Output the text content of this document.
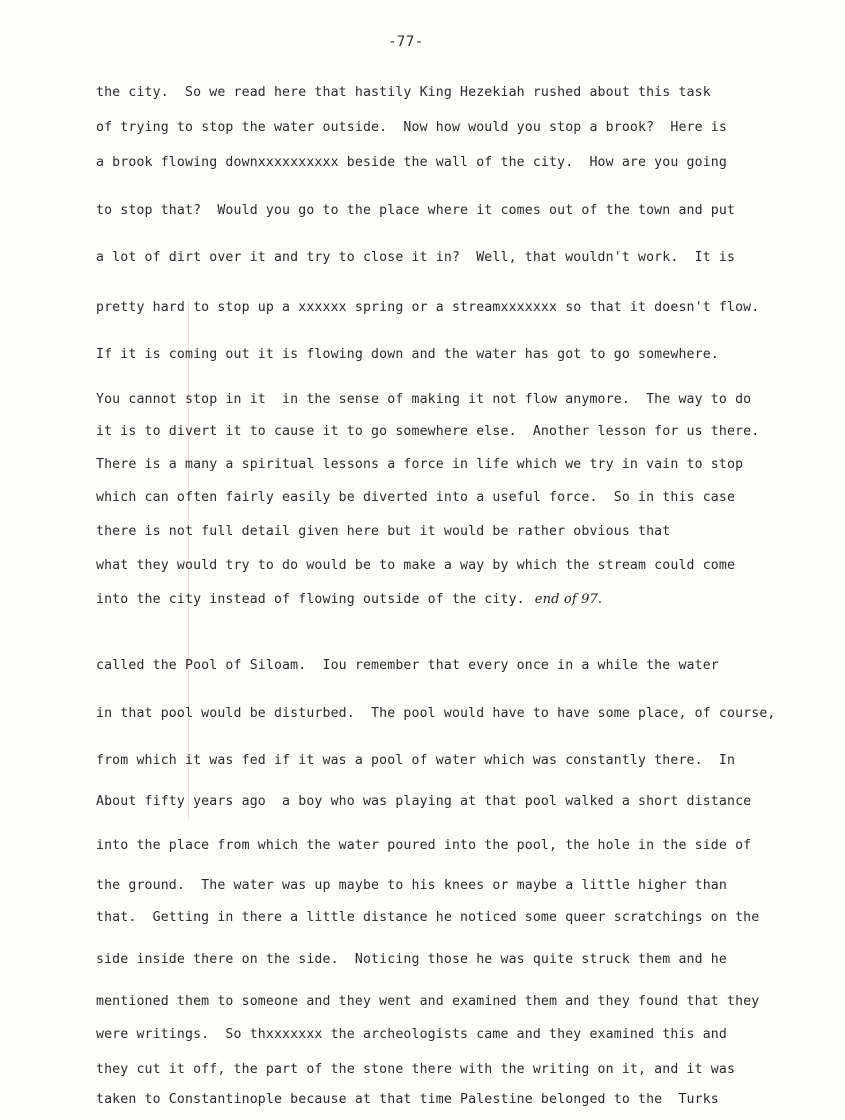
-77-
the city.  So we read here that hastily King Hezekiah rushed about this task
of trying to stop the water outside.  Now how would you stop a brook?  Here is
a brook flowing downxxxxxxxxxx beside the wall of the city.  How are you going
to stop that?  Would you go to the place where it comes out of the town and put
a lot of dirt over it and try to close it in?  Well, that wouldn't work.  It is
pretty hard to stop up a xxxxxx spring or a streamxxxxxxx so that it doesn't flow.
If it is coming out it is flowing down and the water has got to go somewhere.
You cannot stop in it  in the sense of making it not flow anymore.  The way to do
it is to divert it to cause it to go somewhere else.  Another lesson for us there.
There is a many a spiritual lessons a force in life which we try in vain to stop
which can often fairly easily be diverted into a useful force.  So in this case
there is not full detail given here but it would be rather obvious that
what they would try to do would be to make a way by which the stream could come
into the city instead of flowing outside of the city. end of 97.
called the Pool of Siloam.  Iou remember that every once in a while the water
in that pool would be disturbed.  The pool would have to have some place, of course,
from which it was fed if it was a pool of water which was constantly there.  In
About fifty years ago  a boy who was playing at that pool walked a short distance
into the place from which the water poured into the pool, the hole in the side of
the ground.  The water was up maybe to his knees or maybe a little higher than
that.  Getting in there a little distance he noticed some queer scratchings on the
side inside there on the side.  Noticing those he was quite struck them and he
mentioned them to someone and they went and examined them and they found that they
were writings.  So thxxxxxxx the archeologists came and they examined this and
they cut it off, the part of the stone there with the writing on it, and it was
taken to Constantinople because at that time Palestine belonged to the  Turks
